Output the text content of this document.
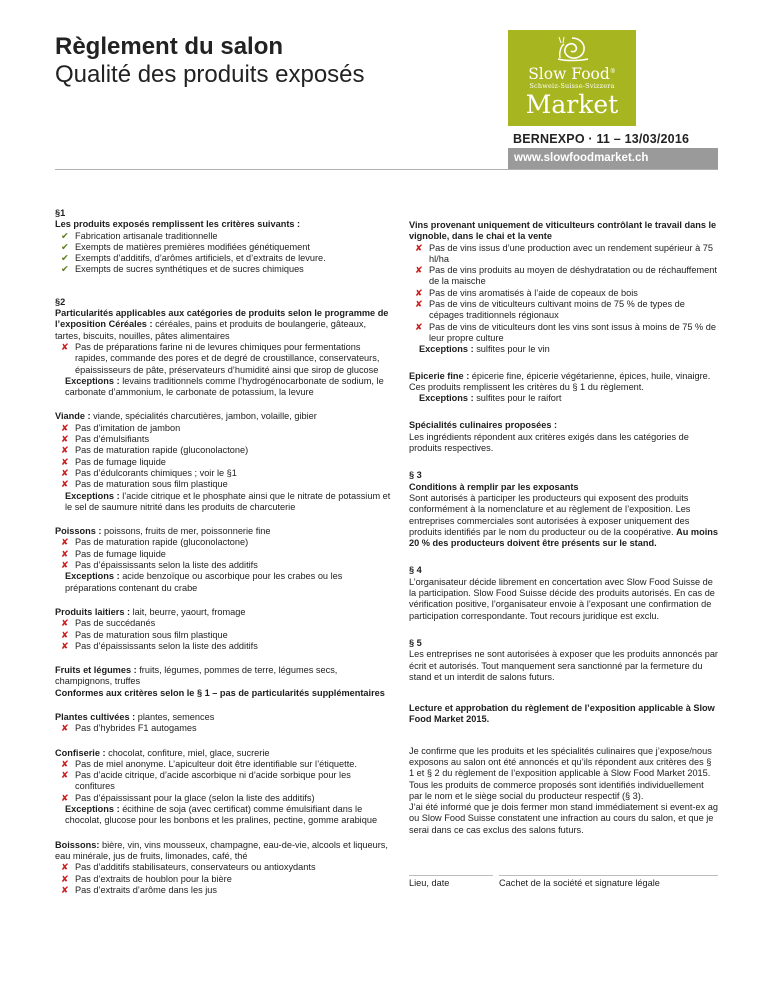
Règlement du salon
Qualité des produits exposés	Slow Food®
Schweiz-Suisse-Svizzera
Market
BERNEXPO · 11 – 13/03/2016
www.slowfoodmarket.ch

§1

Les produits exposés remplissent les critères suivants :

✔ Fabrication artisanale traditionnelle
✔ Exempts de matières premières modifiées génétiquement
✔ Exempts d’additifs, d’arômes artificiels, et d’extraits de levure.
✔ Exempts de sucres synthétiques et de sucres chimiques

§2

Particularités applicables aux catégories de produits selon le programme de l’exposition Céréales : céréales, pains et produits de boulangerie, gâteaux, tartes, biscuits, nouilles, pâtes alimentaires

✘ Pas de préparations farine ni de levures chimiques pour fermentations rapides, commande des pores et de degré de croustillance, conservateurs, épaississeurs de pâte, préservateurs d’humidité ainsi que sirop de glucose

Exceptions : levains traditionnels comme l’hydrogénocarbonate de sodium, le carbonate d’ammonium, le carbonate de potassium, la levure

Viande : viande, spécialités charcutières, jambon, volaille, gibier

✘ Pas d’imitation de jambon
✘ Pas d’émulsifiants
✘ Pas de maturation rapide (gluconolactone)
✘ Pas de fumage liquide
✘ Pas d’édulcorants chimiques ; voir le §1
✘ Pas de maturation sous film plastique

Exceptions : l’acide citrique et le phosphate ainsi que le nitrate de potassium et le sel de saumure nitrité dans les produits de charcuterie

Poissons : poissons, fruits de mer, poissonnerie fine

✘ Pas de maturation rapide (gluconolactone)
✘ Pas de fumage liquide
✘ Pas d’épaississants selon la liste des additifs

Exceptions : acide benzoïque ou ascorbique pour les crabes ou les préparations contenant du crabe

Produits laitiers : lait, beurre, yaourt, fromage

✘ Pas de succédanés
✘ Pas de maturation sous film plastique
✘ Pas d’épaississants selon la liste des additifs

Fruits et légumes : fruits, légumes, pommes de terre, légumes secs, champignons, truffes

Conformes aux critères selon le § 1 – pas de particularités supplémentaires

Plantes cultivées : plantes, semences

✘ Pas d’hybrides F1 autogames

Confiserie : chocolat, confiture, miel, glace, sucrerie

✘ Pas de miel anonyme. L’apiculteur doit être identifiable sur l’étiquette.
✘ Pas d’acide citrique, d’acide ascorbique ni d’acide sorbique pour les confitures
✘ Pas d’épaississant pour la glace (selon la liste des additifs)

Exceptions : écithine de soja (avec certificat) comme émulsifiant dans le chocolat, glucose pour les bonbons et les pralines, pectine, gomme arabique

Boissons: bière, vin, vins mousseux, champagne, eau-de-vie, alcools et liqueurs, eau minérale, jus de fruits, limonades, café, thé

✘ Pas d’additifs stabilisateurs, conservateurs ou antioxydants
✘ Pas d’extraits de houblon pour la bière
✘ Pas d’extraits d’arôme dans les jus

Vins provenant uniquement de viticulteurs contrôlant le travail dans le vignoble, dans le chai et la vente

✘ Pas de vins issus d’une production avec un rendement supérieur à 75 hl/ha
✘ Pas de vins produits au moyen de déshydratation ou de réchauffement de la maische
✘ Pas de vins aromatisés à l’aide de copeaux de bois
✘ Pas de vins de viticulteurs cultivant moins de 75 % de types de cépages traditionnels régionaux
✘ Pas de vins de viticulteurs dont les vins sont issus à moins de 75 % de leur propre culture

Exceptions : sulfites pour le vin

Epicerie fine : épicerie fine, épicerie végétarienne, épices, huile, vinaigre. Ces produits remplissent les critères du § 1 du règlement.

Exceptions : sulfites pour le raifort

Spécialités culinaires proposées :

Les ingrédients répondent aux critères exigés dans les catégories de produits respectives.

§ 3

Conditions à remplir par les exposants

Sont autorisés à participer les producteurs qui exposent des produits conformément à la nomenclature et au règlement de l’exposition. Les entreprises commerciales sont autorisées à exposer uniquement des produits identifiés par le nom du producteur ou de la coopérative. Au moins 20 % des producteurs doivent être présents sur le stand.

§ 4

L’organisateur décide librement en concertation avec Slow Food Suisse de la participation. Slow Food Suisse décide des produits autorisés. En cas de vérification positive, l’organisateur envoie à l’exposant une confirmation de participation correspondante. Tout recours juridique est exclu.

§ 5

Les entreprises ne sont autorisées à exposer que les produits annoncés par écrit et autorisés. Tout manquement sera sanctionné par la fermeture du stand et un interdit de salons futurs.

Lecture et approbation du règlement de l’exposition applicable à Slow Food Market 2015.

Je confirme que les produits et les spécialités culinaires que j’expose/nous exposons au salon ont été annoncés et qu’ils répondent aux critères des § 1 et § 2 du règlement de l’exposition applicable à Slow Food Market 2015. Tous les produits de commerce proposés sont identifiés individuellement par le nom et le siège social du producteur respectif (§ 3).

J’ai été informé que je dois fermer mon stand immédiatement si event-ex ag ou Slow Food Suisse constatent une infraction au cours du salon, et que je serai dans ce cas exclus des salons futurs.

Lieu, date	Cachet de la société et signature légale
